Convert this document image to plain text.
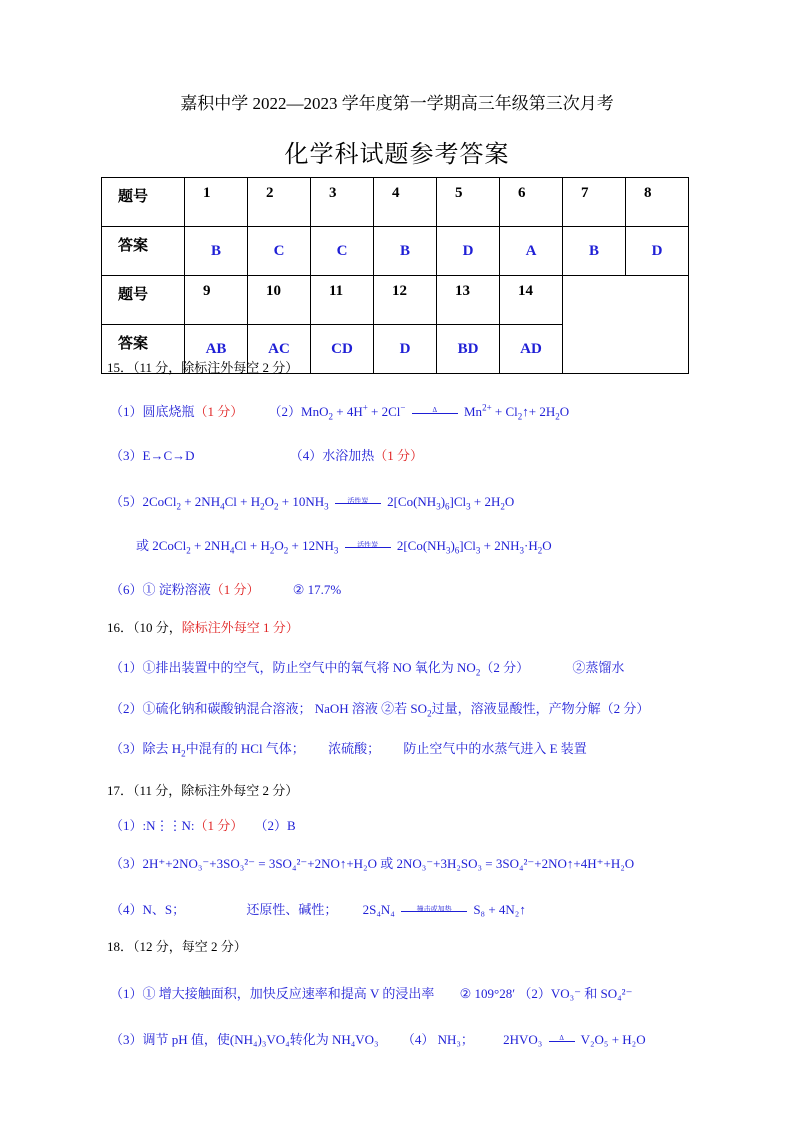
嘉积中学 2022—2023 学年度第一学期高三年级第三次月考
化学科试题参考答案
题号	1	2	3	4	5	6	7	8
答案	B	C	C	B	D	A	B	D
题号	9	10	11	12	13	14		
答案	AB	AC	CD	D	BD	AD		
15．（11 分，除标注外每空 2 分）
（1）圆底烧瓶（1 分） （2）MnO$_2$ + 4H+ + 2Cl−	Δ	$Mn^{2+}$ + $Cl_2↑+ 2H_2O$
（3）E→C→D	（4）水浴加热（1 分）
（5）2CoCl$_2$ + $2NH_4Cl + H_2O_2 + 10NH_3$
活性炭	$2[Co(NH_3)_6]Cl_3 + 2H_2O$
或 2CoCl$_2$ + $2NH_4Cl + H_2O_2 + 12NH_3$
活性炭	$2[Co(NH_3)_6]Cl_3 + 2NH_3\cdot H_2O$
（6）① 淀粉溶液（1 分）	② 17.7%
16．（10 分，除标注外每空 1 分）
（1）①排出装置中的空气，防止空气中的氧气将 NO 氧化为 $NO_2(2$ 分）	②蒸馏水
（2）①硫化钠和碳酸钠混合溶液； NaOH 溶液 ②若 $SO_2$过量，溶液显酸性，产物分解（2 分）
（3）除去 $H_2$中混有的 HCl 气体； 浓硫酸； 防止空气中的水蒸气进入 E 装置
17．（11 分，除标注外每空 2 分）
（1）:N⋮⋮N:（1 分） （2）B
（3）2H⁺+2NO₃⁻+3SO₃²⁻ = 3SO₄²⁻+2NO↑+H₂O 或 2NO₃⁻+3H₂SO₃ = 3SO₄²⁻+2NO↑+4H⁺+H₂O
（4）N、S；	还原性、碱性； 2S₄N₄	撞击或加热	S₈ + 4N₂↑
18．（12 分，每空 2 分）
（1）① 增大接触面积，加快反应速率和提高 V 的浸出率 ② 109°28′ （2）VO₃⁻ 和 SO₄²⁻
（3）调节 pH 值，使(NH₄)₃VO₄转化为 NH₄VO₃ （4） NH₃； 2HVO₃	Δ	V₂O₅ + H₂O
